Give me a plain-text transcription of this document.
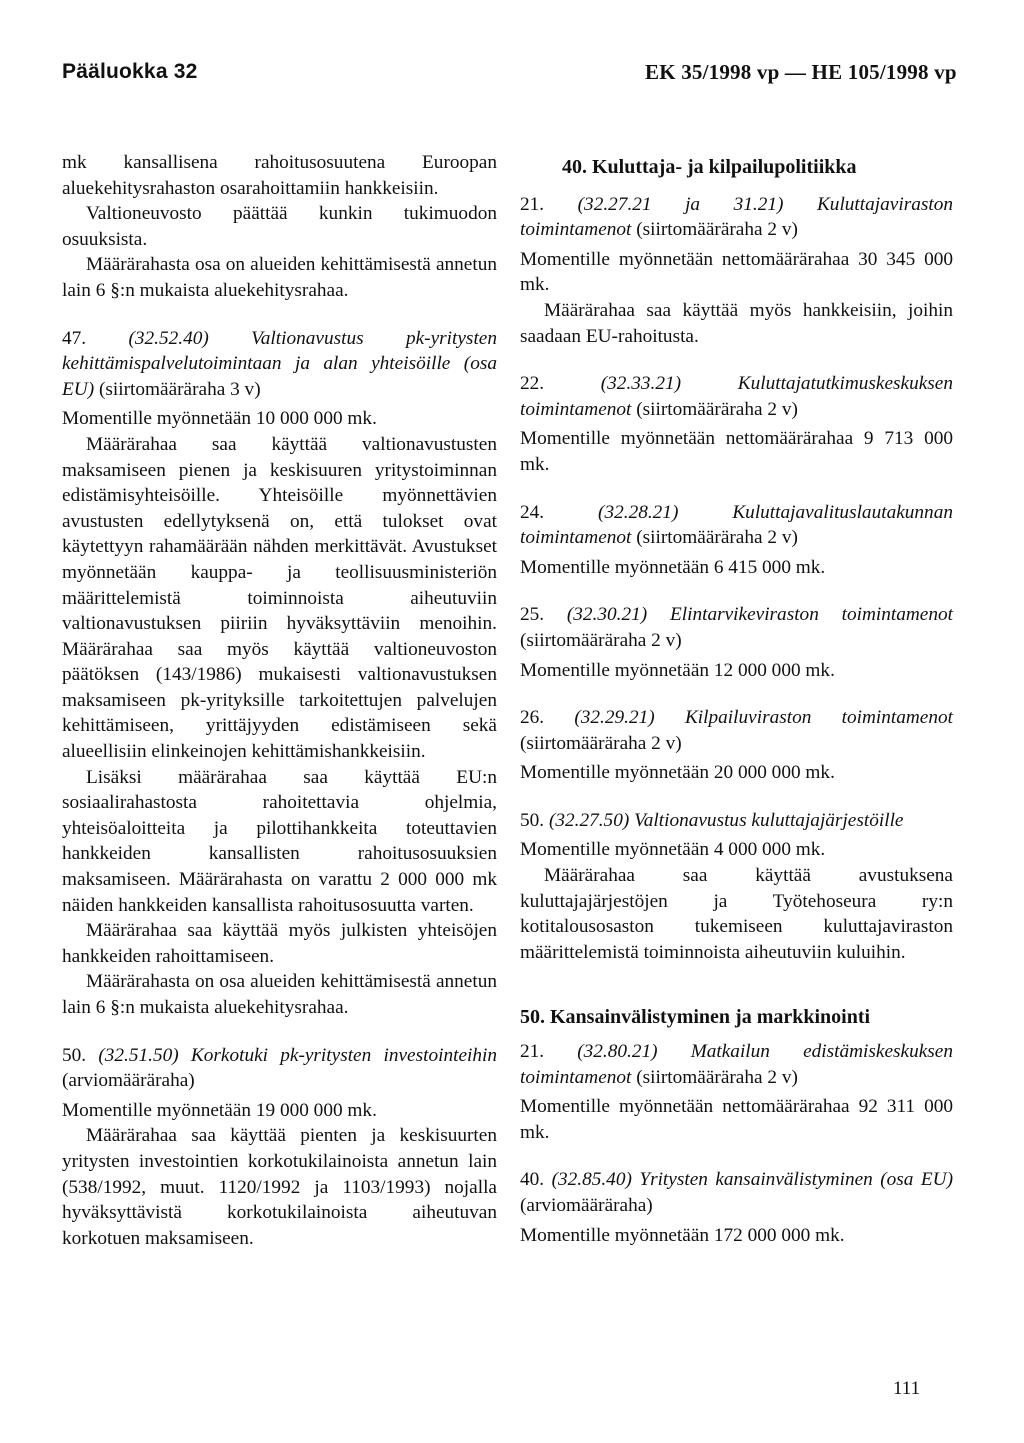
Pääluokka 32	EK 35/1998 vp — HE 105/1998 vp

mk kansallisena rahoitusosuutena Euroopan aluekehitysrahaston osarahoittamiin hankkeisiin.

Valtioneuvosto päättää kunkin tukimuodon osuuksista.

Määrärahasta osa on alueiden kehittämisestä annetun lain 6 §:n mukaista aluekehitysrahaa.

47. (32.52.40) Valtionavustus pk-yritysten kehittämispalvelutoimintaan ja alan yhteisöille (osa EU) (siirtomääräraha 3 v)

Momentille myönnetään 10 000 000 mk.

Määrärahaa saa käyttää valtionavustusten maksamiseen pienen ja keskisuuren yritystoiminnan edistämisyhteisöille. Yhteisöille myönnettävien avustusten edellytyksenä on, että tulokset ovat käytettyyn rahamäärään nähden merkittävät. Avustukset myönnetään kauppa- ja teollisuusministeriön määrittelemistä toiminnoista aiheutuviin valtionavustuksen piiriin hyväksyttäviin menoihin. Määrärahaa saa myös käyttää valtioneuvoston päätöksen (143/1986) mukaisesti valtionavustuksen maksamiseen pk-yrityksille tarkoitettujen palvelujen kehittämiseen, yrittäjyyden edistämiseen sekä alueellisiin elinkeinojen kehittämishankkeisiin.

Lisäksi määrärahaa saa käyttää EU:n sosiaalirahastosta rahoitettavia ohjelmia, yhteisöaloitteita ja pilottihankkeita toteuttavien hankkeiden kansallisten rahoitusosuuksien maksamiseen. Määrärahasta on varattu 2 000 000 mk näiden hankkeiden kansallista rahoitusosuutta varten.

Määrärahaa saa käyttää myös julkisten yhteisöjen hankkeiden rahoittamiseen.

Määrärahasta on osa alueiden kehittämisestä annetun lain 6 §:n mukaista aluekehitysrahaa.

50. (32.51.50) Korkotuki pk-yritysten investointeihin (arviomääräraha)

Momentille myönnetään 19 000 000 mk.

Määrärahaa saa käyttää pienten ja keskisuurten yritysten investointien korkotukilainoista annetun lain (538/1992, muut. 1120/1992 ja 1103/1993) nojalla hyväksyttävistä korkotukilainoista aiheutuvan korkotuen maksamiseen.

40. Kuluttaja- ja kilpailupolitiikka

21. (32.27.21 ja 31.21) Kuluttajaviraston toimintamenot (siirtomääräraha 2 v)

Momentille myönnetään nettomäärärahaa 30 345 000 mk.

Määrärahaa saa käyttää myös hankkeisiin, joihin saadaan EU-rahoitusta.

22.	(32.33.21)	Kuluttajatutkimuskeskuksen toimintamenot (siirtomääräraha 2 v)

Momentille myönnetään nettomäärärahaa 9 713 000 mk.

24.	(32.28.21)	Kuluttajavalituslautakunnan toimintamenot (siirtomääräraha 2 v)

Momentille myönnetään 6 415 000 mk.

25. (32.30.21) Elintarvikeviraston toimintamenot (siirtomääräraha 2 v)

Momentille myönnetään 12 000 000 mk.

26. (32.29.21) Kilpailuviraston toimintamenot (siirtomääräraha 2 v)

Momentille myönnetään 20 000 000 mk.

50. (32.27.50) Valtionavustus kuluttajajärjestöille

Momentille myönnetään 4 000 000 mk.

Määrärahaa saa käyttää avustuksena kuluttajajärjestöjen ja Työtehoseura ry:n kotitalousosaston tukemiseen kuluttajaviraston määrittelemistä toiminnoista aiheutuviin kuluihin.

50. Kansainvälistyminen ja markkinointi

21. (32.80.21) Matkailun edistämiskeskuksen toimintamenot (siirtomääräraha 2 v)

Momentille myönnetään nettomäärärahaa 92 311 000 mk.

40. (32.85.40) Yritysten kansainvälistyminen (osa EU) (arviomääräraha)

Momentille myönnetään 172 000 000 mk.

111
